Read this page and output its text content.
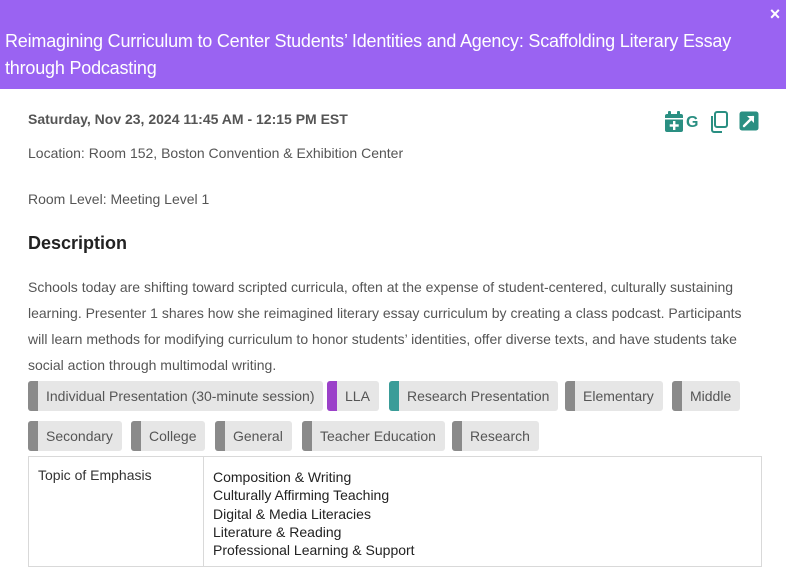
Reimagining Curriculum to Center Students’ Identities and Agency: Scaffolding Literary Essay through Podcasting
×
Saturday, Nov 23, 2024 11:45 AM - 12:15 PM EST	G
Location: Room 152, Boston Convention & Exhibition Center
Room Level: Meeting Level 1
Description
Schools today are shifting toward scripted curricula, often at the expense of student-centered, culturally sustaining learning. Presenter 1 shares how she reimagined literary essay curriculum by creating a class podcast. Participants will learn methods for modifying curriculum to honor students’ identities, offer diverse texts, and have students take social action through multimodal writing.
Individual Presentation (30-minute session)	LLA	Research Presentation	Elementary	Middle
Secondary	College	General	Teacher Education	Research
Topic of Emphasis	Composition & Writing
Culturally Affirming Teaching
Digital & Media Literacies
Literature & Reading
Professional Learning & Support
